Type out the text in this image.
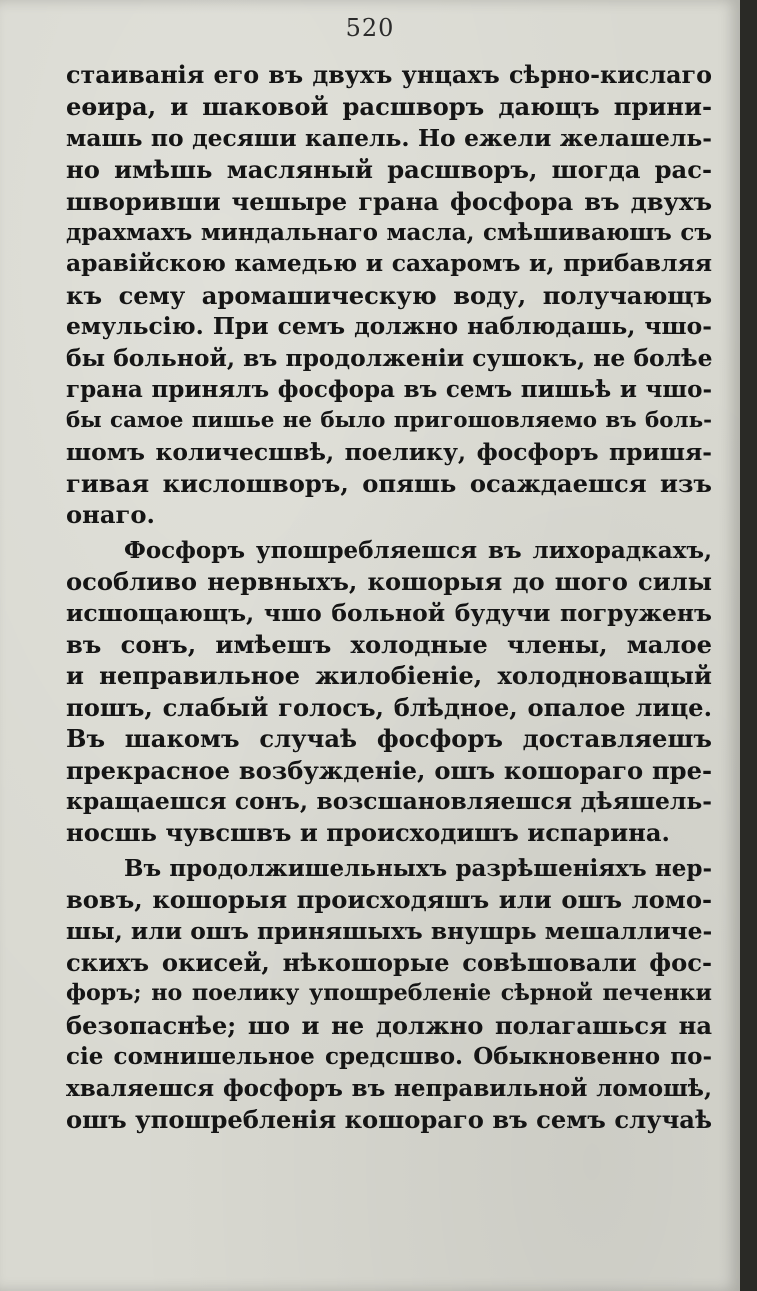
520
стаиванія его въ двухъ унцахъ сѣрно-кислаго
еѳира, и шаковой расшворъ дающъ прини-
машь по десяши капель. Но ежели желашель-
но имѣшь масляный расшворъ, шогда рас-
шворивши чешыре грана фосфора въ двухъ
драхмахъ миндальнаго масла, смѣшиваюшъ съ
аравійскою камедью и сахаромъ и, прибавляя
къ сему аромашическую воду, получающъ
емульсію. При семъ должно наблюдашь, чшо-
бы больной, въ продолженіи сушокъ, не болѣе
грана принялъ фосфора въ семъ пишьѣ и чшо-
бы самое пишье не было пригошовляемо въ боль-
шомъ количесшвѣ, поелику, фосфоръ пришя-
гивая кислошворъ, опяшь осаждаешся изъ
онаго.
Фосфоръ упошребляешся въ лихорадкахъ,
особливо нервныхъ, кошорыя до шого силы
исшощающъ, чшо больной будучи погруженъ
въ сонъ, имѣешъ холодные члены, малое
и неправильное жилобіеніе, холодноващый
пошъ, слабый голосъ, блѣдное, опалое лице.
Въ шакомъ случаѣ фосфоръ доставляешъ
прекрасное возбужденіе, ошъ кошораго пре-
кращаешся сонъ, возсшановляешся дѣяшель-
носшь чувсшвъ и происходишъ испарина.
Въ продолжишельныхъ разрѣшеніяхъ нер-
вовъ, кошорыя происходяшъ или ошъ ломо-
шы, или ошъ приняшыхъ внушрь мешалличе-
скихъ окисей, нѣкошорые совѣшовали фос-
форъ; но поелику упошребленіе сѣрной печенки
безопаснѣе; шо и не должно полагашься на
сіе сомнишельное средсшво. Обыкновенно по-
хваляешся фосфоръ въ неправильной ломошѣ,
ошъ упошребленія кошораго въ семъ случаѣ
